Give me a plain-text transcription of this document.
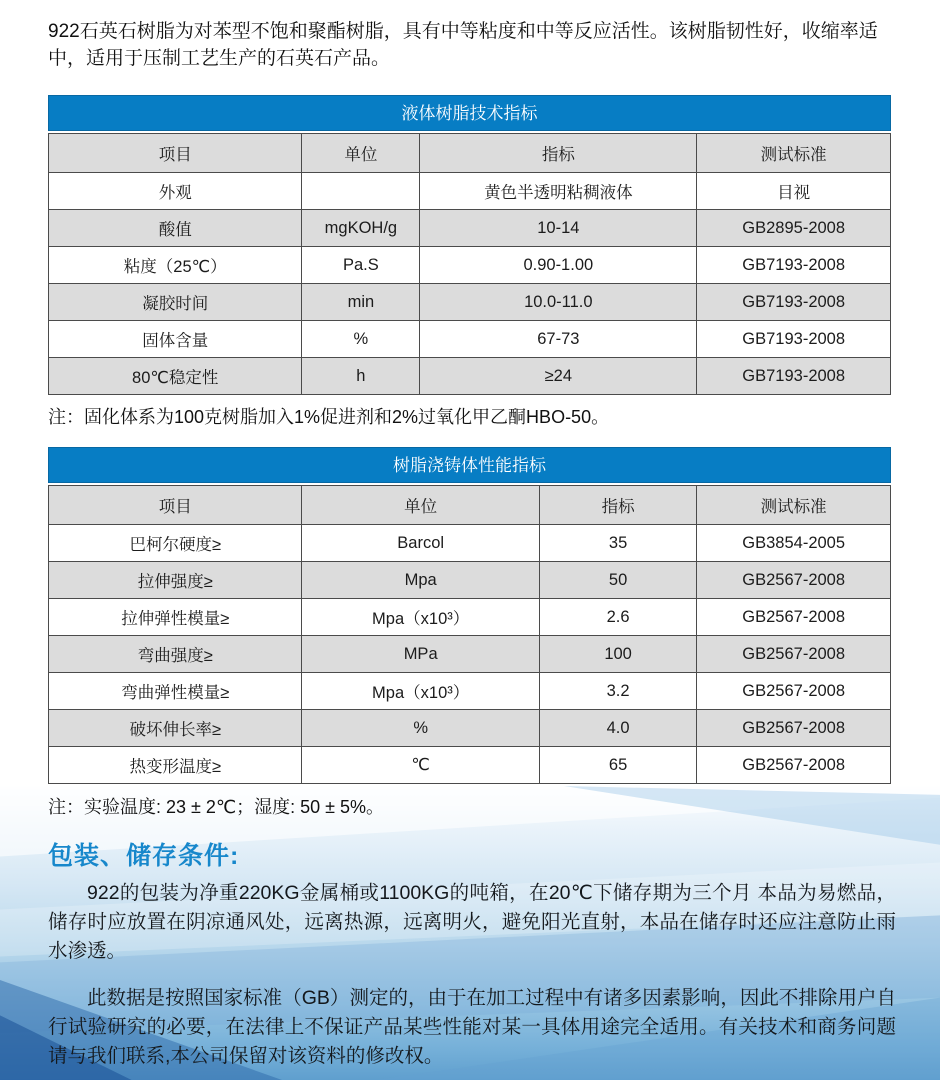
922石英石树脂为对苯型不饱和聚酯树脂，具有中等粘度和中等反应活性。该树脂韧性好，收缩率适中，适用于压制工艺生产的石英石产品。
液体树脂技术指标
项目	单位	指标	测试标准
外观		黄色半透明粘稠液体	目视
酸值	mgKOH/g	10-14	GB2895-2008
粘度（25℃）	Pa.S	0.90-1.00	GB7193-2008
凝胶时间	min	10.0-11.0	GB7193-2008
固体含量	%	67-73	GB7193-2008
80℃稳定性	h	≥24	GB7193-2008
注：固化体系为100克树脂加入1%促进剂和2%过氧化甲乙酮HBO-50。
树脂浇铸体性能指标
项目	单位	指标	测试标准
巴柯尔硬度≥	Barcol	35	GB3854-2005
拉伸强度≥	Mpa	50	GB2567-2008
拉伸弹性模量≥	Mpa（x10³）	2.6	GB2567-2008
弯曲强度≥	MPa	100	GB2567-2008
弯曲弹性模量≥	Mpa（x10³）	3.2	GB2567-2008
破坏伸长率≥	%	4.0	GB2567-2008
热变形温度≥	℃	65	GB2567-2008
注：实验温度: 23 ± 2℃；湿度: 50 ± 5%。
包装、储存条件:
922的包装为净重220KG金属桶或1100KG的吨箱，在20℃下储存期为三个月 本品为易燃品，储存时应放置在阴凉通风处，远离热源，远离明火，避免阳光直射，本品在储存时还应注意防止雨水渗透。
此数据是按照国家标准（GB）测定的，由于在加工过程中有诸多因素影响，因此不排除用户自行试验研究的必要，在法律上不保证产品某些性能对某一具体用途完全适用。有关技术和商务问题请与我们联系,本公司保留对该资料的修改权。
